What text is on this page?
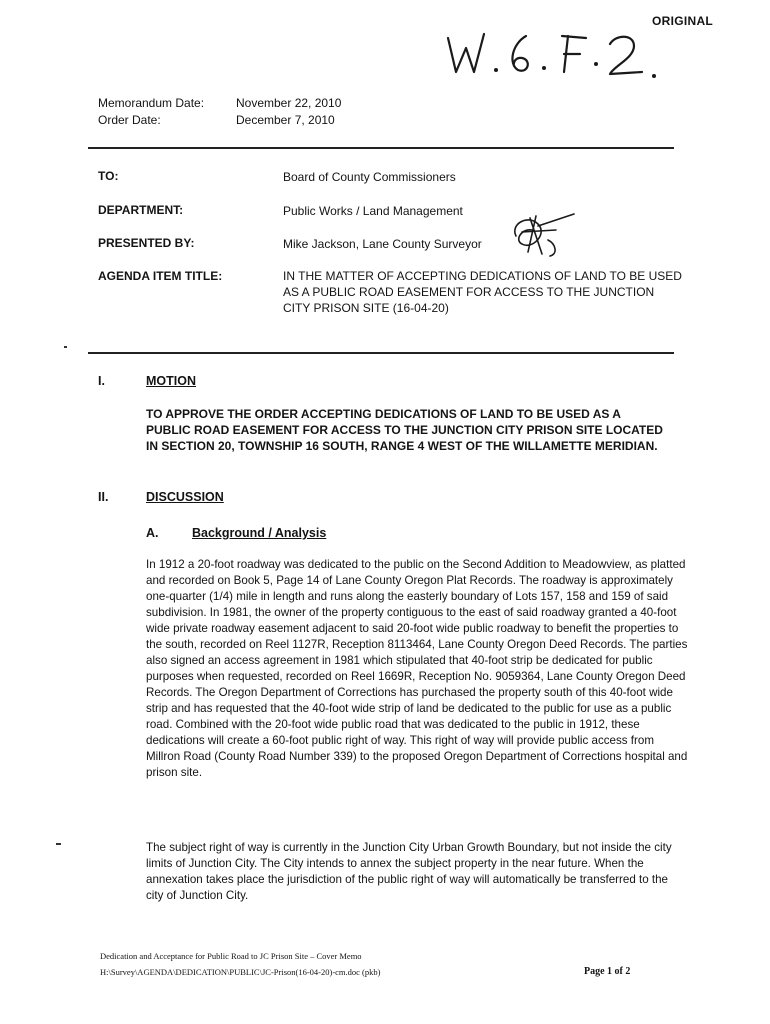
ORIGINAL
Memorandum Date:	November 22, 2010
Order Date:	December 7, 2010
TO:	Board of County Commissioners
DEPARTMENT:	Public Works / Land Management
PRESENTED BY:	Mike Jackson, Lane County Surveyor
AGENDA ITEM TITLE:	IN THE MATTER OF ACCEPTING DEDICATIONS OF LAND TO BE USED AS A PUBLIC ROAD EASEMENT FOR ACCESS TO THE JUNCTION CITY PRISON SITE (16-04-20)
I.	MOTION
TO APPROVE THE ORDER ACCEPTING DEDICATIONS OF LAND TO BE USED AS A PUBLIC ROAD EASEMENT FOR ACCESS TO THE JUNCTION CITY PRISON SITE LOCATED IN SECTION 20, TOWNSHIP 16 SOUTH, RANGE 4 WEST OF THE WILLAMETTE MERIDIAN.
II.	DISCUSSION
A.	Background / Analysis
In 1912 a 20-foot roadway was dedicated to the public on the Second Addition to Meadowview, as platted and recorded on Book 5, Page 14 of Lane County Oregon Plat Records. The roadway is approximately one-quarter (1/4) mile in length and runs along the easterly boundary of Lots 157, 158 and 159 of said subdivision. In 1981, the owner of the property contiguous to the east of said roadway granted a 40-foot wide private roadway easement adjacent to said 20-foot wide public roadway to benefit the properties to the south, recorded on Reel 1127R, Reception 8113464, Lane County Oregon Deed Records. The parties also signed an access agreement in 1981 which stipulated that 40-foot strip be dedicated for public purposes when requested, recorded on Reel 1669R, Reception No. 9059364, Lane County Oregon Deed Records. The Oregon Department of Corrections has purchased the property south of this 40-foot wide strip and has requested that the 40-foot wide strip of land be dedicated to the public for use as a public road. Combined with the 20-foot wide public road that was dedicated to the public in 1912, these dedications will create a 60-foot public right of way. This right of way will provide public access from Millron Road (County Road Number 339) to the proposed Oregon Department of Corrections hospital and prison site.
The subject right of way is currently in the Junction City Urban Growth Boundary, but not inside the city limits of Junction City. The City intends to annex the subject property in the near future. When the annexation takes place the jurisdiction of the public right of way will automatically be transferred to the city of Junction City.
Dedication and Acceptance for Public Road to JC Prison Site – Cover Memo
H:\Survey\AGENDA\DEDICATION\PUBLIC\JC-Prison(16-04-20)-cm.doc (pkb)	Page 1 of 2
